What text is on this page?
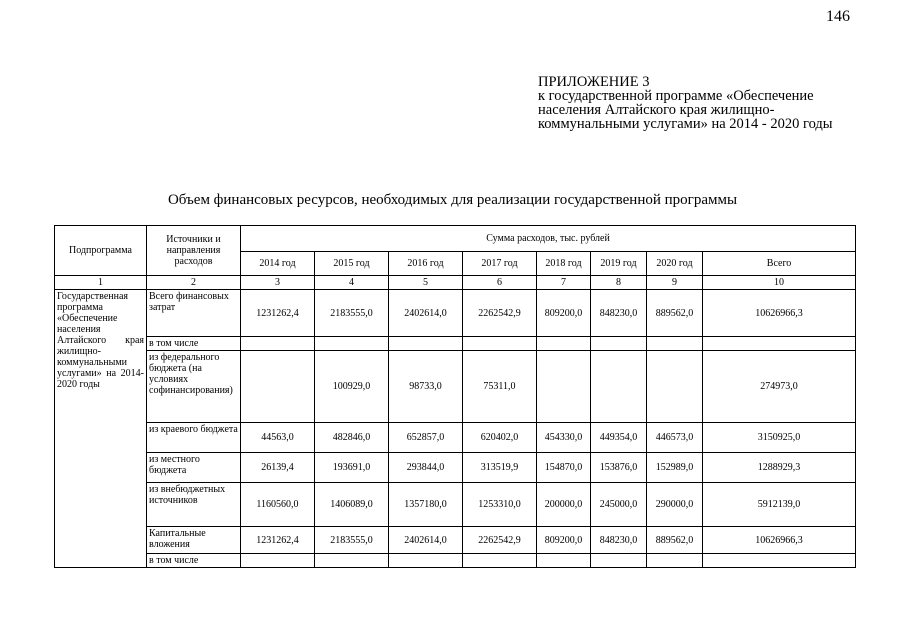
146
ПРИЛОЖЕНИЕ 3
к государственной программе «Обеспечение населения Алтайского края жилищно-коммунальными услугами» на 2014 - 2020 годы
Объем финансовых ресурсов, необходимых для реализации государственной программы
Подпрограмма	Источники и направления расходов	Сумма расходов, тыс. рублей							
		2014 год	2015 год	2016 год	2017 год	2018 год	2019 год	2020 год	Всего
1	2	3	4	5	6	7	8	9	10
Государственная программа «Обеспечение населения Алтайского края жилищно-коммунальными услугами» на 2014-2020 годы	Всего финансовых затрат	1231262,4	2183555,0	2402614,0	2262542,9	809200,0	848230,0	889562,0	10626966,3
	в том числе								
	из федерального бюджета (на условиях софинансирования)		100929,0	98733,0	75311,0				274973,0
	из краевого бюджета	44563,0	482846,0	652857,0	620402,0	454330,0	449354,0	446573,0	3150925,0
	из местного бюджета	26139,4	193691,0	293844,0	313519,9	154870,0	153876,0	152989,0	1288929,3
	из внебюджетных источников	1160560,0	1406089,0	1357180,0	1253310,0	200000,0	245000,0	290000,0	5912139,0
	Капитальные вложения	1231262,4	2183555,0	2402614,0	2262542,9	809200,0	848230,0	889562,0	10626966,3
	в том числе								
